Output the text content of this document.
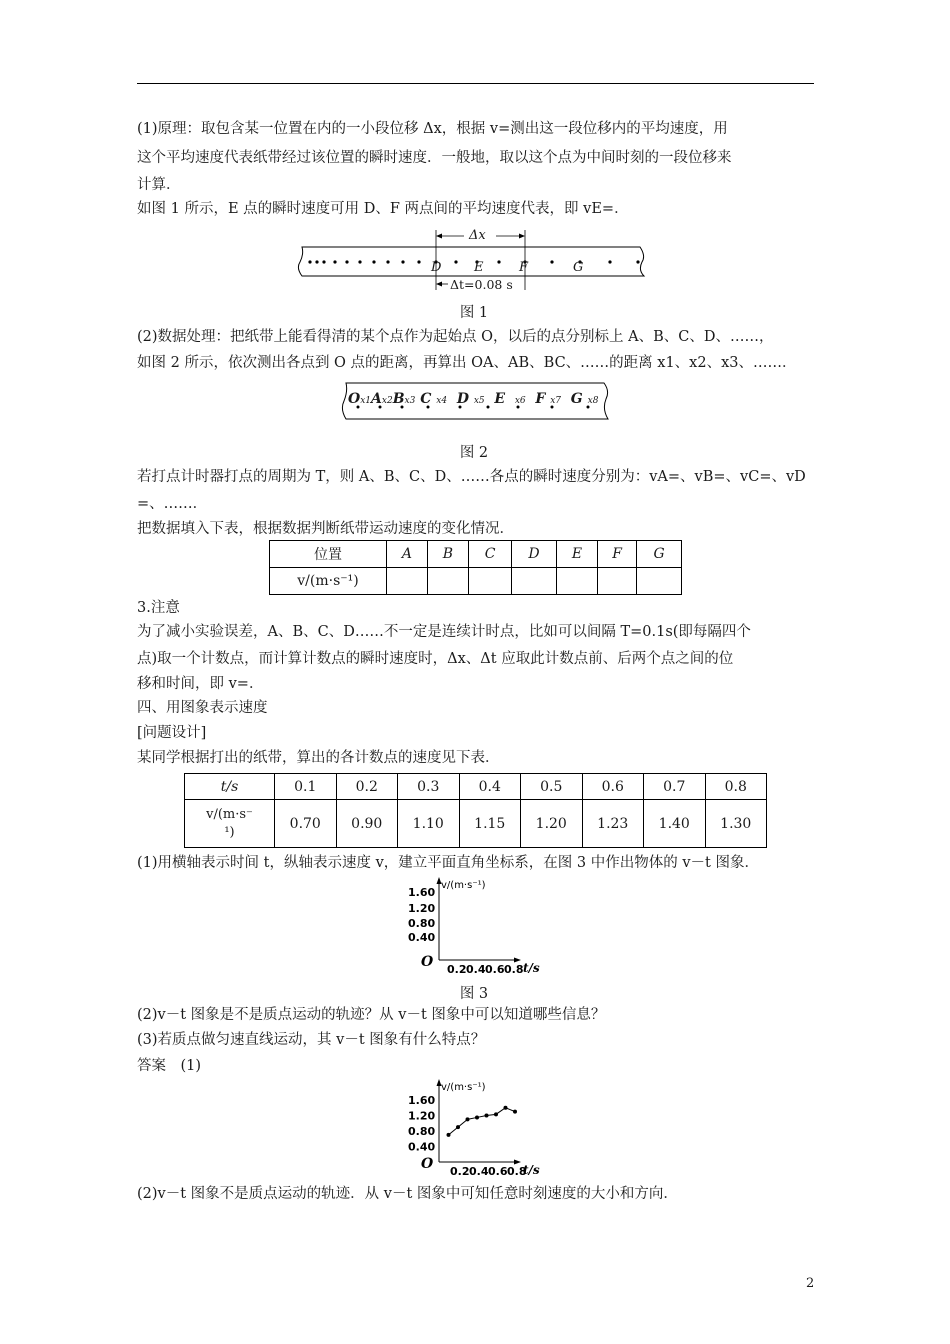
(1)原理：取包含某一位置在内的一小段位移 Δx，根据 v=测出这一段位移内的平均速度，用
这个平均速度代表纸带经过该位置的瞬时速度．一般地，取以这个点为中间时刻的一段位移来
计算．
如图 1 所示，E 点的瞬时速度可用 D、F 两点间的平均速度代表，即 vE=．
Δx
Δt=0.08 s
D	E	F	G
图 1
(2)数据处理：把纸带上能看得清的某个点作为起始点 O，以后的点分别标上 A、B、C、D、……，
如图 2 所示，依次测出各点到 O 点的距离，再算出 OA、AB、BC、……的距离 x1、x2、x3、……．
Ox1Ax2Bx3 C x4 D x5 E x6 F x7 G x8
图 2
若打点计时器打点的周期为 T，则 A、B、C、D、……各点的瞬时速度分别为：vA=、vB=、vC=、vD
=、……．
把数据填入下表，根据数据判断纸带运动速度的变化情况．
位置	A	B	C	D	E	F	G
v/(m·s⁻¹)							
3.注意
为了减小实验误差，A、B、C、D……不一定是连续计时点，比如可以间隔 T=0.1s(即每隔四个
点)取一个计数点，而计算计数点的瞬时速度时，Δx、Δt 应取此计数点前、后两个点之间的位
移和时间，即 v=．
四、用图象表示速度
[问题设计]
某同学根据打出的纸带，算出的各计数点的速度见下表．
t/s	0.1	0.2	0.3	0.4	0.5	0.6	0.7	0.8
v/(m·s⁻
¹)	0.70	0.90	1.10	1.15	1.20	1.23	1.40	1.30
(1)用横轴表示时间 t，纵轴表示速度 v，建立平面直角坐标系，在图 3 中作出物体的 v－t 图象．
1.60
1.20
0.80
0.40
0.2 0.4 0.6 0.8
O
v/(m·s⁻¹)
t/s
图 3
(2)v－t 图象是不是质点运动的轨迹？从 v－t 图象中可以知道哪些信息？
(3)若质点做匀速直线运动，其 v－t 图象有什么特点？
答案　(1)
1.60
1.20
0.80
0.40
0.2 0.4 0.6 0.8
O
v/(m·s⁻¹)
t/s
(2)v－t 图象不是质点运动的轨迹．从 v－t 图象中可知任意时刻速度的大小和方向．
2
